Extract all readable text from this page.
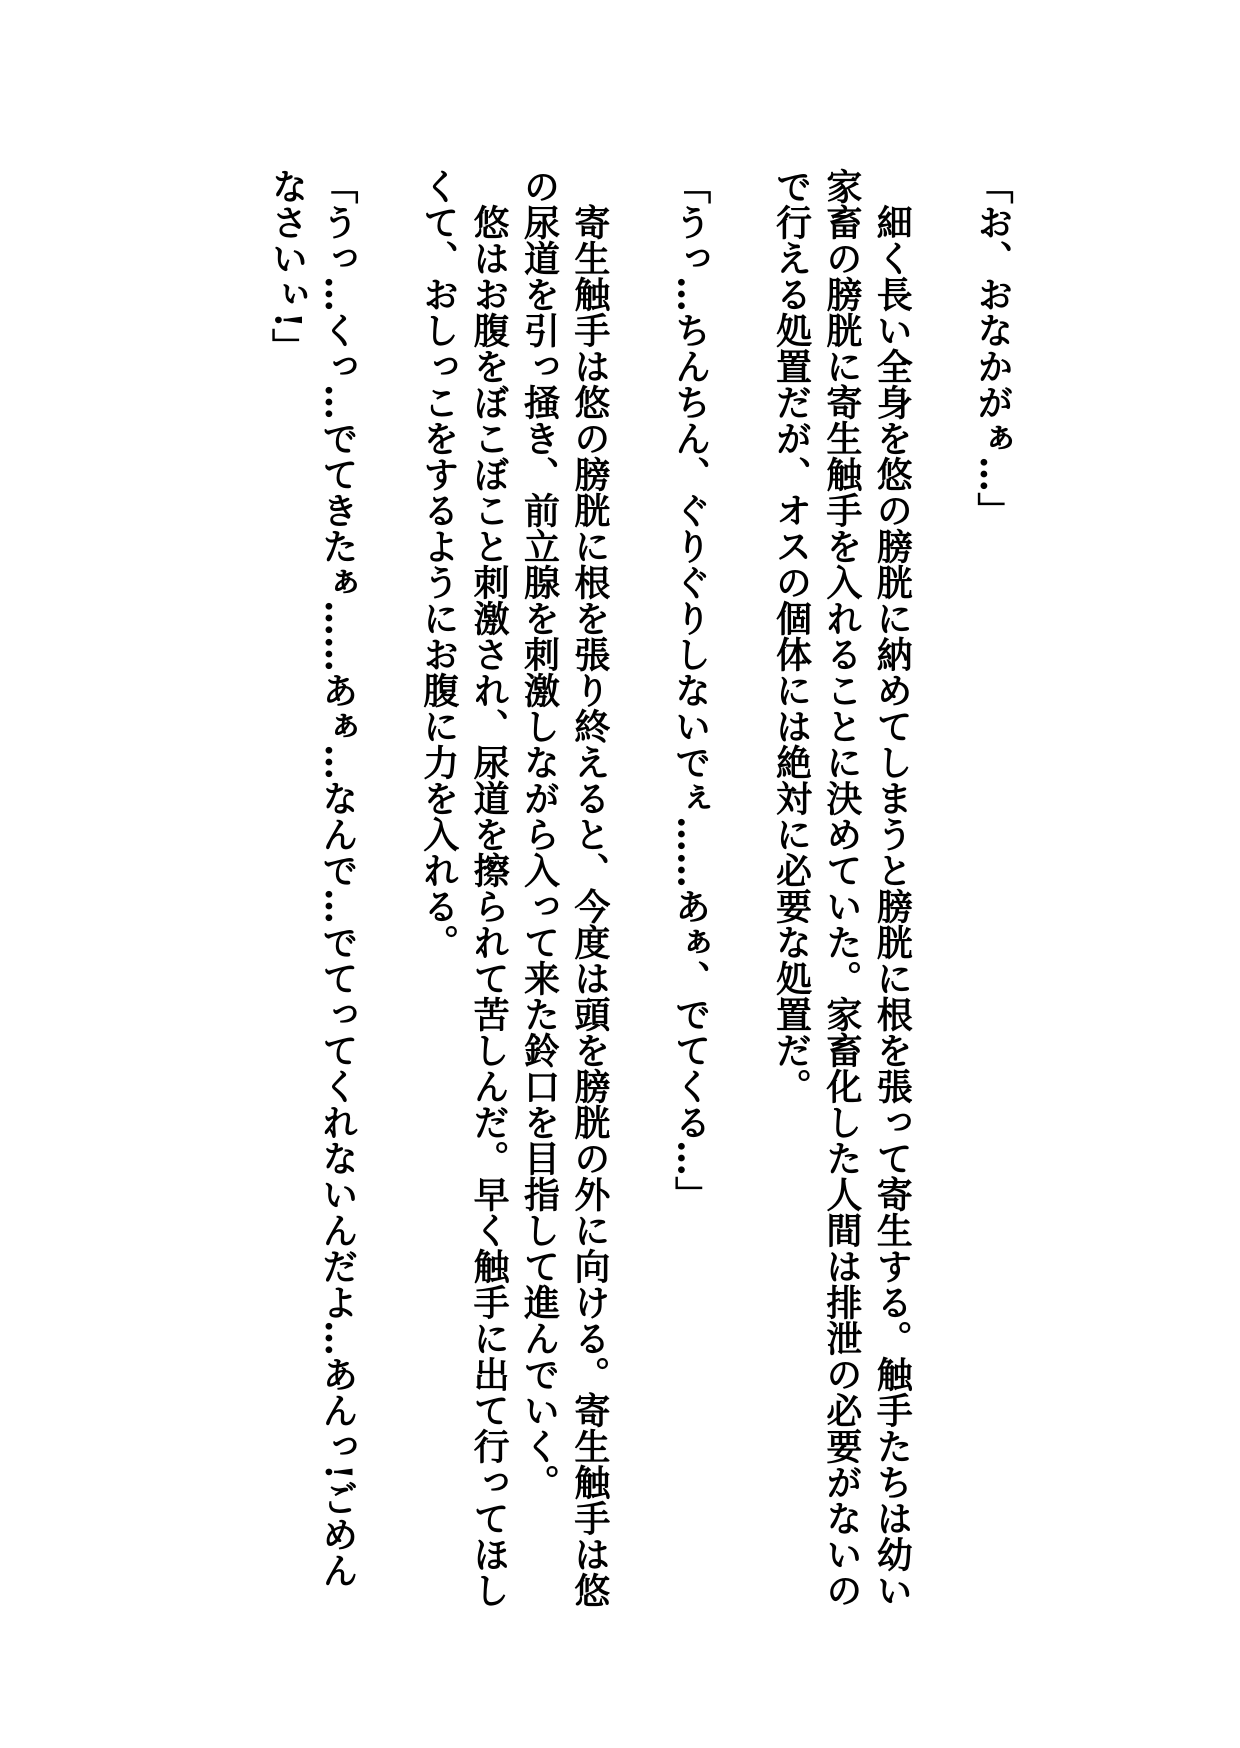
「お、おなかがぁ…」

細く長い全身を悠の膀胱に納めてしまうと膀胱に根を張って寄生する。触手たちは幼い家畜の膀胱に寄生触手を入れることに決めていた。家畜化した人間は排泄の必要がないので行える処置だが、オスの個体には絶対に必要な処置だ。

「うっ…ちんちん、ぐりぐりしないでぇ……あぁ、でてくる…」

寄生触手は悠の膀胱に根を張り終えると、今度は頭を膀胱の外に向ける。寄生触手は悠の尿道を引っ掻き、前立腺を刺激しながら入って来た鈴口を目指して進んでいく。

悠はお腹をぼこぼこと刺激され、尿道を擦られて苦しんだ。早く触手に出て行ってほしくて、おしっこをするようにお腹に力を入れる。

「うっ…くっ…でてきたぁ……あぁ…なんで…でてってくれないんだよ…あんっ!ごめんなさいぃ!」
